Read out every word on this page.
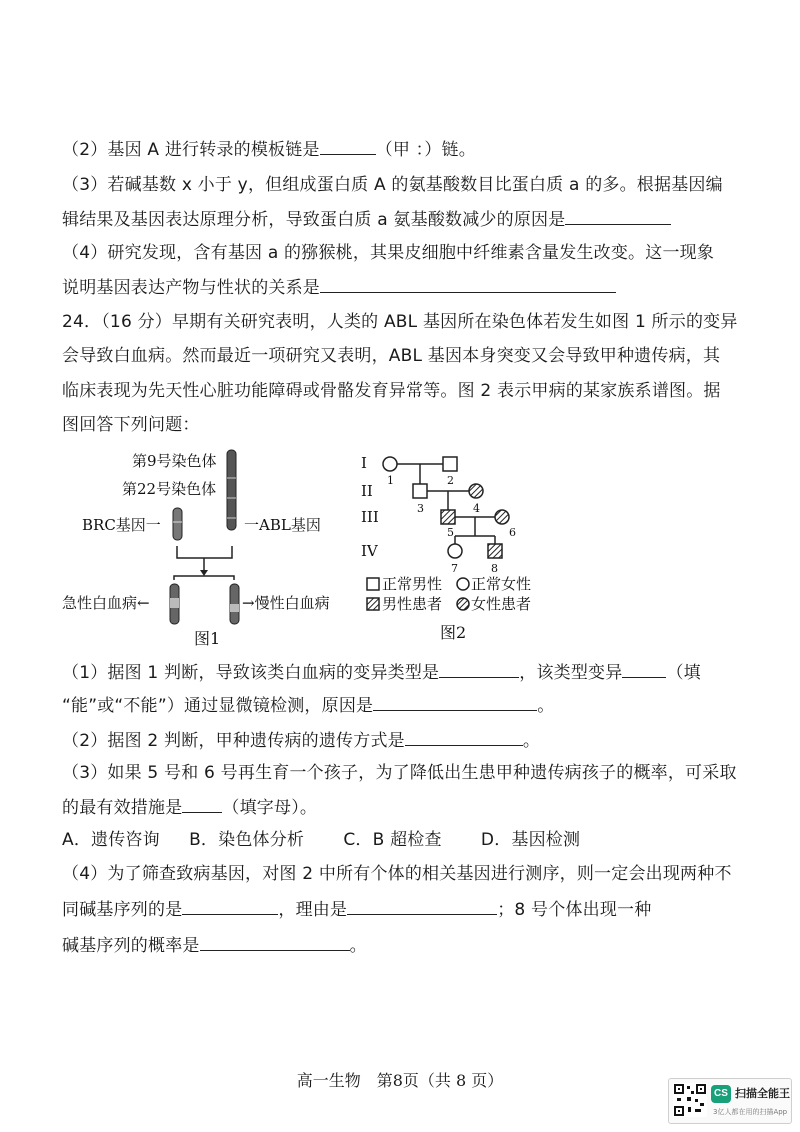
（2）基因 A 进行转录的模板链是	（甲 ：）链。
（3）若碱基数 x 小于 y，但组成蛋白质 A 的氨基酸数目比蛋白质 a 的多。根据基因编
辑结果及基因表达原理分析，导致蛋白质 a 氨基酸数减少的原因是
（4）研究发现，含有基因 a 的猕猴桃，其果皮细胞中纤维素含量发生改变。这一现象
说明基因表达产物与性状的关系是
24．（16 分）早期有关研究表明，人类的 ABL 基因所在染色体若发生如图 1 所示的变异
会导致白血病。然而最近一项研究又表明，ABL 基因本身突变又会导致甲种遗传病，其
临床表现为先天性心脏功能障碍或骨骼发育异常等。图 2 表示甲病的某家族系谱图。据
图回答下列问题：
第9号染色体
第22号染色体
BRC基因一	一ABL基因
急性白血病←	→慢性白血病
图1
I
II
III
IV
1	2
3	4
5	6
7	8
正常男性 正常女性
男性患者 女性患者
图2
（1）据图 1 判断，导致该类白血病的变异类型是	，该类型变异	（填
“能”或“不能”）通过显微镜检测，原因是	。
（2）据图 2 判断，甲种遗传病的遗传方式是	。
（3）如果 5 号和 6 号再生育一个孩子，为了降低出生患甲种遗传病孩子的概率，可采取
的最有效措施是 （填字母）。
A．遗传咨询 B．染色体分析 C．B 超检查 D．基因检测
（4）为了筛查致病基因，对图 2 中所有个体的相关基因进行测序，则一定会出现两种不
同碱基序列的是	，理由是	；8 号个体出现一种
碱基序列的概率是	。
高一生物　第8页（共 8 页）
CS 扫描全能王
3亿人都在用的扫描App
